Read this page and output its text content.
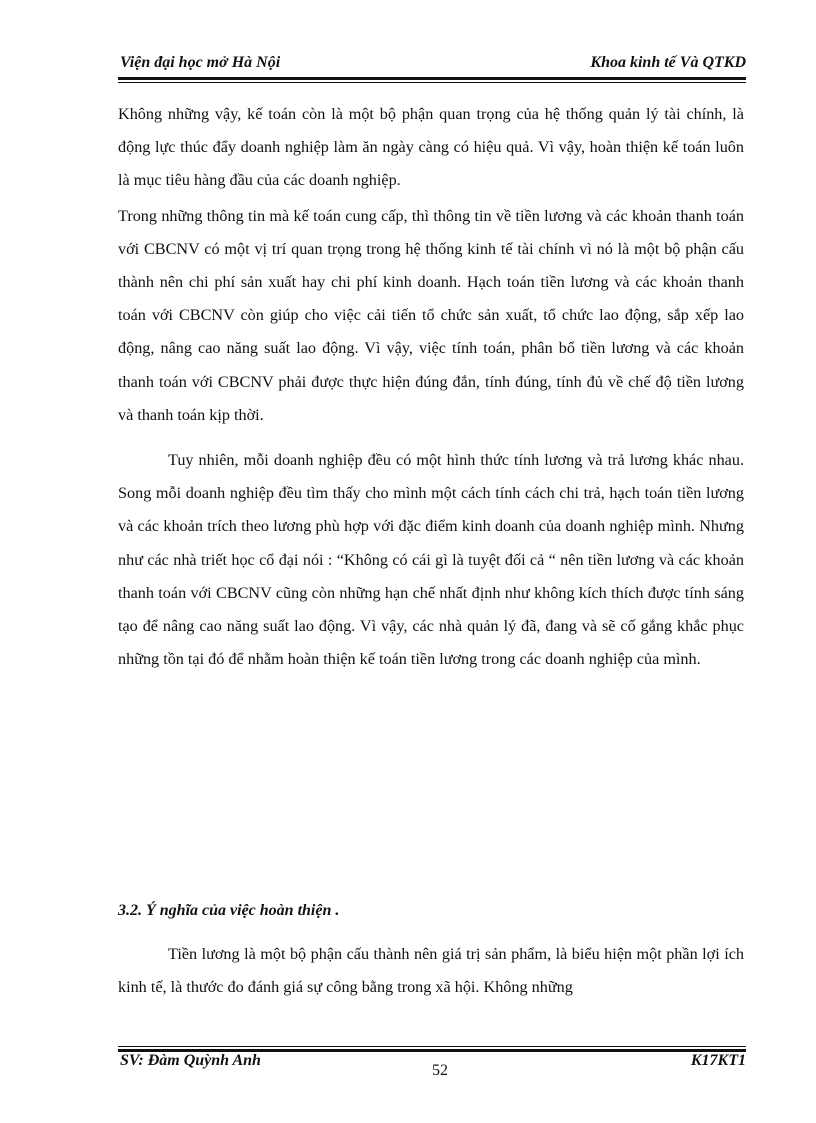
Viện đại học mở Hà Nội	Khoa kinh tế Và QTKD

Không những vậy, kế toán còn là một bộ phận quan trọng của hệ thống quản lý tài chính, là động lực thúc đẩy doanh nghiệp làm ăn ngày càng có hiệu quả. Vì vậy, hoàn thiện kế toán luôn là mục tiêu hàng đầu của các doanh nghiệp.

Trong những thông tin mà kế toán cung cấp, thì thông tin về tiền lương và các khoản thanh toán với CBCNV có một vị trí quan trọng trong hệ thống kinh tế tài chính vì nó là một bộ phận cấu thành nên chi phí sản xuất hay chi phí kinh doanh. Hạch toán tiền lương và các khoản thanh toán với CBCNV còn giúp cho việc cải tiến tổ chức sản xuất, tổ chức lao động, sắp xếp lao động, nâng cao năng suất lao động. Vì vậy, việc tính toán, phân bổ tiền lương và các khoản thanh toán với CBCNV phải được thực hiện đúng đắn, tính đúng, tính đủ về chế độ tiền lương và thanh toán kịp thời.

Tuy nhiên, mỗi doanh nghiệp đều có một hình thức tính lương và trả lương khác nhau. Song mỗi doanh nghiệp đều tìm thấy cho mình một cách tính cách chi trả, hạch toán tiền lương và các khoản trích theo lương phù hợp với đặc điểm kinh doanh của doanh nghiệp mình. Nhưng như các nhà triết học cổ đại nói : “Không có cái gì là tuyệt đối cả “ nên tiền lương và các khoản thanh toán với CBCNV cũng còn những hạn chế nhất định như không kích thích được tính sáng tạo để nâng cao năng suất lao động. Vì vậy, các nhà quản lý đã, đang và sẽ cố gắng khắc phục những tồn tại đó để nhằm hoàn thiện kế toán tiền lương trong các doanh nghiệp của mình.

3.2. Ý nghĩa của việc hoàn thiện .

Tiền lương là một bộ phận cấu thành nên giá trị sản phẩm, là biểu hiện một phần lợi ích kinh tế, là thước đo đánh giá sự công bằng trong xã hội. Không những

SV: Đàm Quỳnh Anh
52
K17KT1
